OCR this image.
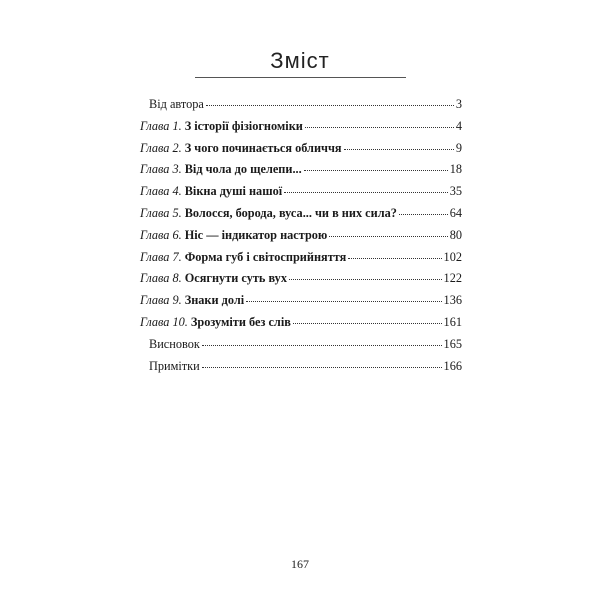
Зміст
Від автора	3
Глава 1. З історії фізіогноміки	4
Глава 2. З чого починається обличчя	9
Глава 3. Від чола до щелепи...	18
Глава 4. Вікна душі нашої	35
Глава 5. Волосся, борода, вуса... чи в них сила?	64
Глава 6. Ніс — індикатор настрою	80
Глава 7. Форма губ і світосприйняття	102
Глава 8. Осягнути суть вух	122
Глава 9. Знаки долі	136
Глава 10. Зрозуміти без слів	161
Висновок	165
Примітки	166
167
